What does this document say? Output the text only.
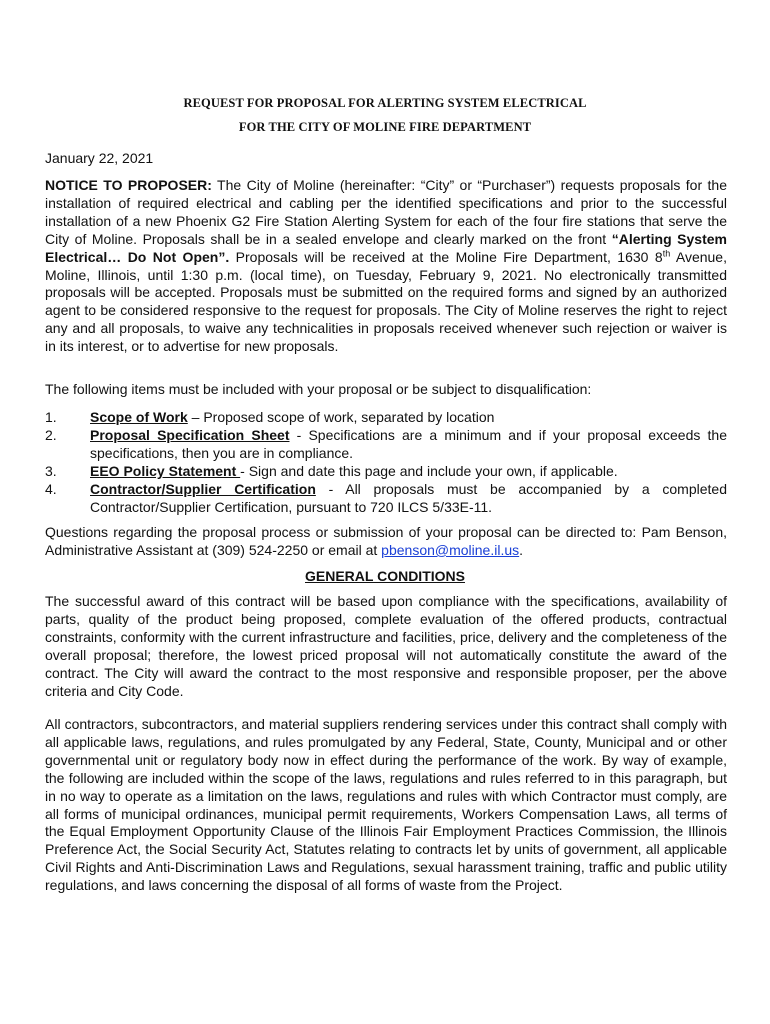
REQUEST FOR PROPOSAL FOR ALERTING SYSTEM ELECTRICAL
FOR THE CITY OF MOLINE FIRE DEPARTMENT
January 22, 2021
NOTICE TO PROPOSER: The City of Moline (hereinafter: “City” or “Purchaser”) requests proposals for the installation of required electrical and cabling per the identified specifications and prior to the successful installation of a new Phoenix G2 Fire Station Alerting System for each of the four fire stations that serve the City of Moline. Proposals shall be in a sealed envelope and clearly marked on the front “Alerting System Electrical… Do Not Open”. Proposals will be received at the Moline Fire Department, 1630 8th Avenue, Moline, Illinois, until 1:30 p.m. (local time), on Tuesday, February 9, 2021. No electronically transmitted proposals will be accepted. Proposals must be submitted on the required forms and signed by an authorized agent to be considered responsive to the request for proposals. The City of Moline reserves the right to reject any and all proposals, to waive any technicalities in proposals received whenever such rejection or waiver is in its interest, or to advertise for new proposals.
The following items must be included with your proposal or be subject to disqualification:
1.	Scope of Work – Proposed scope of work, separated by location
2.	Proposal Specification Sheet - Specifications are a minimum and if your proposal exceeds the specifications, then you are in compliance.
3.	EEO Policy Statement - Sign and date this page and include your own, if applicable.
4.	Contractor/Supplier Certification - All proposals must be accompanied by a completed Contractor/Supplier Certification, pursuant to 720 ILCS 5/33E-11.
Questions regarding the proposal process or submission of your proposal can be directed to: Pam Benson, Administrative Assistant at (309) 524-2250 or email at pbenson@moline.il.us.
GENERAL CONDITIONS
The successful award of this contract will be based upon compliance with the specifications, availability of parts, quality of the product being proposed, complete evaluation of the offered products, contractual constraints, conformity with the current infrastructure and facilities, price, delivery and the completeness of the overall proposal; therefore, the lowest priced proposal will not automatically constitute the award of the contract. The City will award the contract to the most responsive and responsible proposer, per the above criteria and City Code.
All contractors, subcontractors, and material suppliers rendering services under this contract shall comply with all applicable laws, regulations, and rules promulgated by any Federal, State, County, Municipal and or other governmental unit or regulatory body now in effect during the performance of the work. By way of example, the following are included within the scope of the laws, regulations and rules referred to in this paragraph, but in no way to operate as a limitation on the laws, regulations and rules with which Contractor must comply, are all forms of municipal ordinances, municipal permit requirements, Workers Compensation Laws, all terms of the Equal Employment Opportunity Clause of the Illinois Fair Employment Practices Commission, the Illinois Preference Act, the Social Security Act, Statutes relating to contracts let by units of government, all applicable Civil Rights and Anti-Discrimination Laws and Regulations, sexual harassment training, traffic and public utility regulations, and laws concerning the disposal of all forms of waste from the Project.
